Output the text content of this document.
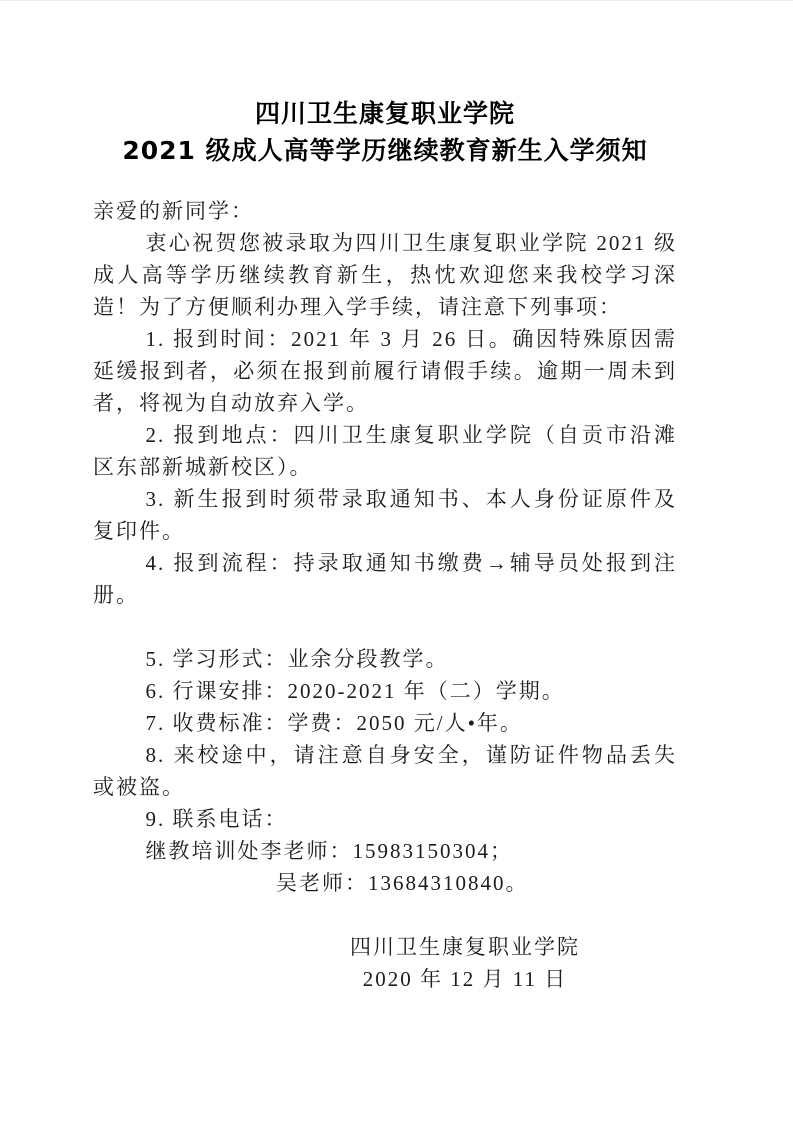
四川卫生康复职业学院
2021 级成人高等学历继续教育新生入学须知

亲爱的新同学：

衷心祝贺您被录取为四川卫生康复职业学院 2021 级成人高等学历继续教育新生，热忱欢迎您来我校学习深造！为了方便顺利办理入学手续，请注意下列事项：

1. 报到时间：2021 年 3 月 26 日。确因特殊原因需延缓报到者，必须在报到前履行请假手续。逾期一周未到者，将视为自动放弃入学。

2. 报到地点：四川卫生康复职业学院（自贡市沿滩区东部新城新校区）。

3. 新生报到时须带录取通知书、本人身份证原件及复印件。

4. 报到流程：持录取通知书缴费→辅导员处报到注册。

5. 学习形式：业余分段教学。

6. 行课安排：2020-2021 年（二）学期。

7. 收费标准：学费：2050 元/人•年。

8. 来校途中，请注意自身安全，谨防证件物品丢失或被盗。

9. 联系电话：

继教培训处李老师：15983150304；

吴老师：13684310840。

四川卫生康复职业学院
2020 年 12 月 11 日
